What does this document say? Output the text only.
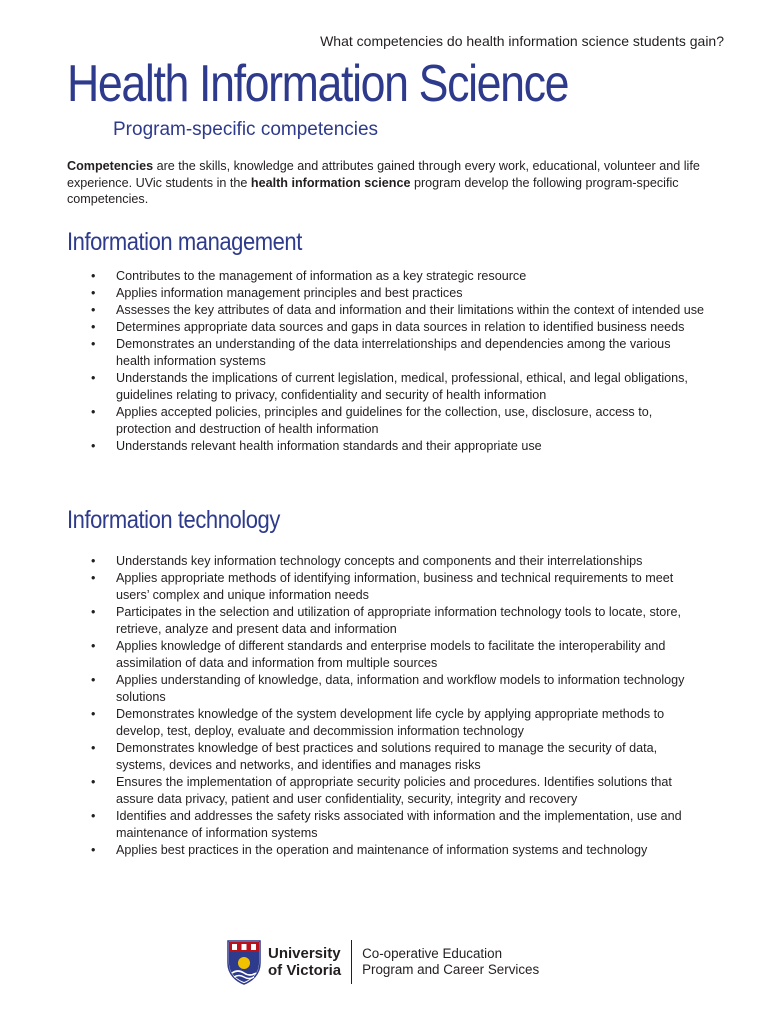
What competencies do health information science students gain?
Health Information Science
Program-specific competencies

Competencies are the skills, knowledge and attributes gained through every work, educational, volunteer and life experience. UVic students in the health information science program develop the following program-specific competencies.

Information management
• Contributes to the management of information as a key strategic resource
• Applies information management principles and best practices
• Assesses the key attributes of data and information and their limitations within the context of intended use
• Determines appropriate data sources and gaps in data sources in relation to identified business needs
• Demonstrates an understanding of the data interrelationships and dependencies among the various health information systems
• Understands the implications of current legislation, medical, professional, ethical, and legal obligations, guidelines relating to privacy, confidentiality and security of health information
• Applies accepted policies, principles and guidelines for the collection, use, disclosure, access to, protection and destruction of health information
• Understands relevant health information standards and their appropriate use
Information technology
• Understands key information technology concepts and components and their interrelationships
• Applies appropriate methods of identifying information, business and technical requirements to meet users’ complex and unique information needs
• Participates in the selection and utilization of appropriate information technology tools to locate, store, retrieve, analyze and present data and information
• Applies knowledge of different standards and enterprise models to facilitate the interoperability and assimilation of data and information from multiple sources
• Applies understanding of knowledge, data, information and workflow models to information technology solutions
• Demonstrates knowledge of the system development life cycle by applying appropriate methods to develop, test, deploy, evaluate and decommission information technology
• Demonstrates knowledge of best practices and solutions required to manage the security of data, systems, devices and networks, and identifies and manages risks
• Ensures the implementation of appropriate security policies and procedures. Identifies solutions that assure data privacy, patient and user confidentiality, security, integrity and recovery
• Identifies and addresses the safety risks associated with information and the implementation, use and maintenance of information systems
• Applies best practices in the operation and maintenance of information systems and technology
University
of Victoria
Co-operative Education
Program and Career Services
